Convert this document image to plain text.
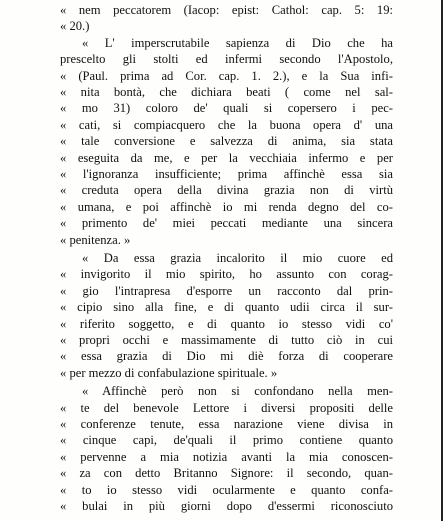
« nem peccatorem (Iacop: epist: Cathol: cap. 5: 19:
« 20.)
« L' imperscrutabile sapienza di Dio che ha
prescelto gli stolti ed infermi secondo l'Apostolo,
« (Paul. prima ad Cor. cap. 1. 2.), e la Sua infi-
« nita bontà, che dichiara beati ( come nel sal-
« mo 31) coloro de' quali si copersero i pec-
« cati, si compiacquero che la buona opera d' una
« tale conversione e salvezza di anima, sia stata
« eseguita da me, e per la vecchiaia infermo e per
« l'ignoranza insufficiente; prima affinchè essa sia
« creduta opera della divina grazia non di virtù
« umana, e poi affinchè io mi renda degno del co-
« primento de' miei peccati mediante una sincera
« penitenza. »
« Da essa grazia incalorito il mio cuore ed
« invigorito il mio spirito, ho assunto con corag-
« gio l'intrapresa d'esporre un racconto dal prin-
« cipio sino alla fine, e di quanto udii circa il sur-
« riferito soggetto, e di quanto io stesso vidi co'
« propri occhi e massimamente di tutto ciò in cui
« essa grazia di Dio mi diè forza di cooperare
« per mezzo di confabulazione spirituale. »
« Affinchè però non si confondano nella men-
« te del benevole Lettore i diversi propositi delle
« conferenze tenute, essa narazione viene divisa in
« cinque capi, de'quali il primo contiene quanto
« pervenne a mia notizia avanti la mia conoscen-
« za con detto Britanno Signore: il secondo, quan-
« to io stesso vidi ocularmente e quanto confa-
« bulai in più giorni dopo d'essermi riconosciuto
